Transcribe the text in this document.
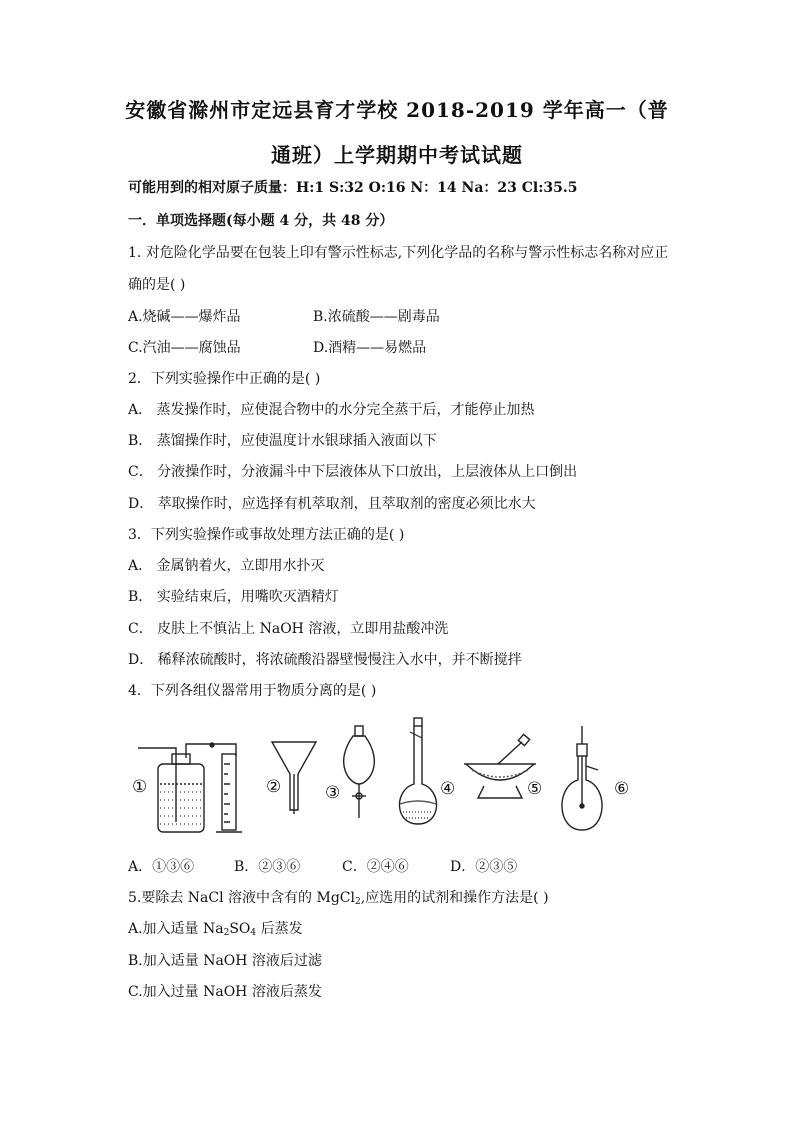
安徽省滁州市定远县育才学校 2018-2019 学年高一（普
通班）上学期期中考试试题
可能用到的相对原子质量：H:1 S:32 O:16 N：14 Na：23 Cl:35.5
一．单项选择题(每小题 4 分，共 48 分）
1. 对危险化学品要在包装上印有警示性标志,下列化学品的名称与警示性标志名称对应正
确的是( )
A.烧碱——爆炸品	B.浓硫酸——剧毒品
C.汽油——腐蚀品	D.酒精——易燃品
2．下列实验操作中正确的是( )
A． 蒸发操作时，应使混合物中的水分完全蒸干后，才能停止加热
B． 蒸馏操作时，应使温度计水银球插入液面以下
C． 分液操作时，分液漏斗中下层液体从下口放出，上层液体从上口倒出
D． 萃取操作时，应选择有机萃取剂，且萃取剂的密度必须比水大
3．下列实验操作或事故处理方法正确的是( )
A． 金属钠着火，立即用水扑灭
B． 实验结束后，用嘴吹灭酒精灯
C． 皮肤上不慎沾上 NaOH 溶液，立即用盐酸冲洗
D． 稀释浓硫酸时，将浓硫酸沿器壁慢慢注入水中，并不断搅拌
4．下列各组仪器常用于物质分离的是( )
①	②	③	④	⑤	⑥
A．①③⑥	B．②③⑥	C．②④⑥	D．②③⑤
5.要除去 NaCl 溶液中含有的 MgCl$_2$,应选用的试剂和操作方法是( )
A.加入适量 $Na_2SO_4$ 后蒸发
B.加入适量 NaOH 溶液后过滤
C.加入过量 NaOH 溶液后蒸发
